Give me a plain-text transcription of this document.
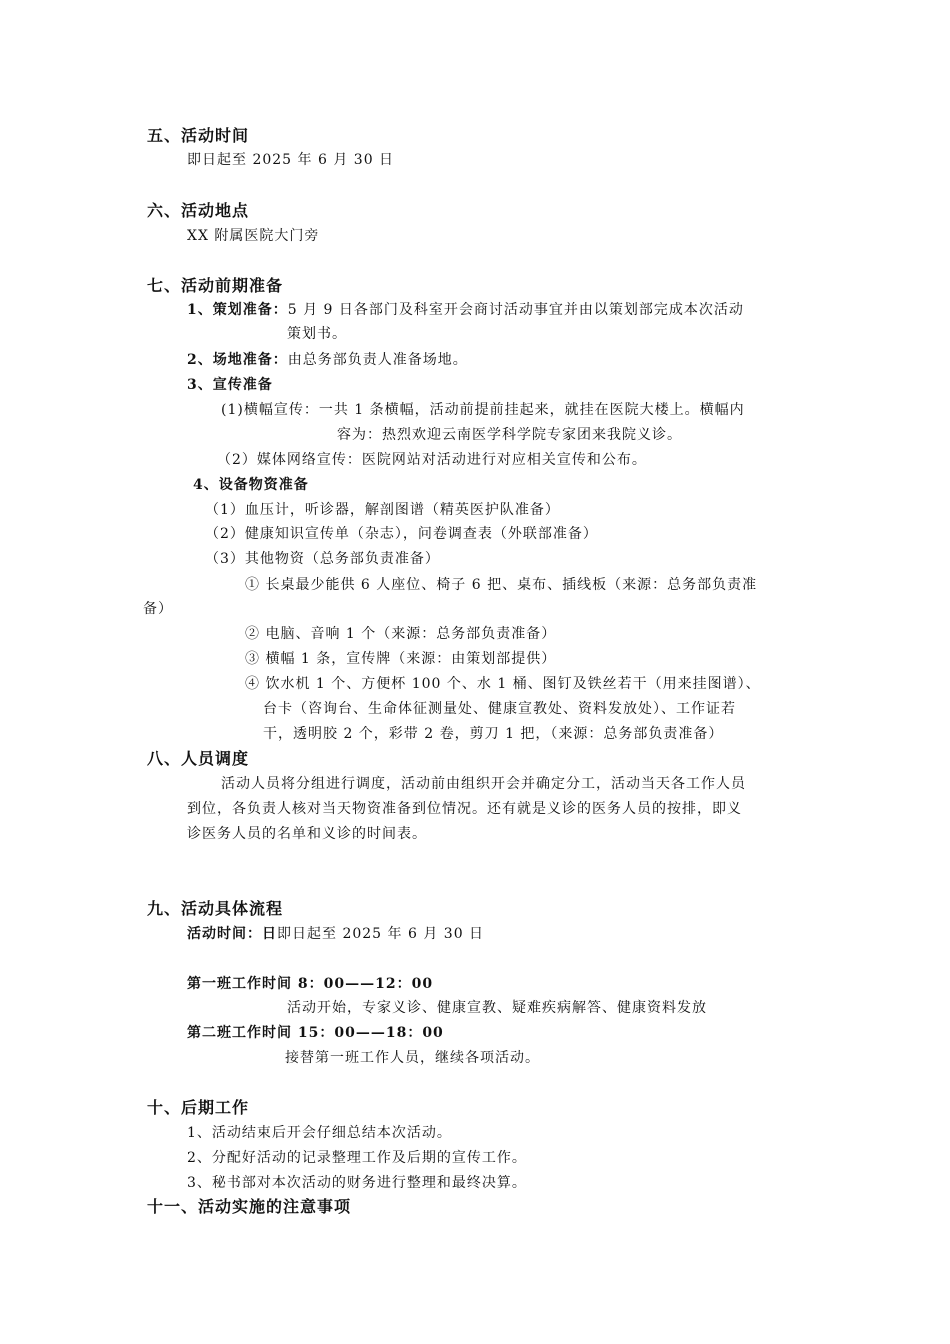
五、活动时间
即日起至 2025 年 6 月 30 日
六、活动地点
XX 附属医院大门旁
七、活动前期准备
1、策划准备：5 月 9 日各部门及科室开会商讨活动事宜并由以策划部完成本次活动
策划书。
2、场地准备：由总务部负责人准备场地。
3、宣传准备
(1)横幅宣传：一共 1 条横幅，活动前提前挂起来，就挂在医院大楼上。横幅内
容为：热烈欢迎云南医学科学院专家团来我院义诊。
（2）媒体网络宣传：医院网站对活动进行对应相关宣传和公布。
4、设备物资准备
（1）血压计，听诊器，解剖图谱（精英医护队准备）
（2）健康知识宣传单（杂志），问卷调查表（外联部准备）
（3）其他物资（总务部负责准备）
① 长桌最少能供 6 人座位、椅子 6 把、桌布、插线板（来源：总务部负责准
备）
② 电脑、音响 1 个（来源：总务部负责准备）
③ 横幅 1 条，宣传牌（来源：由策划部提供）
④ 饮水机 1 个、方便杯 100 个、水 1 桶、图钉及铁丝若干（用来挂图谱）、
台卡（咨询台、生命体征测量处、健康宣教处、资料发放处）、工作证若
干，透明胶 2 个，彩带 2 卷，剪刀 1 把，（来源：总务部负责准备）
八、人员调度
活动人员将分组进行调度，活动前由组织开会并确定分工，活动当天各工作人员
到位，各负责人核对当天物资准备到位情况。还有就是义诊的医务人员的按排，即义
诊医务人员的名单和义诊的时间表。
九、活动具体流程
活动时间：日即日起至 2025 年 6 月 30 日
第一班工作时间 8：00——12：00
活动开始，专家义诊、健康宣教、疑难疾病解答、健康资料发放
第二班工作时间 15：00——18：00
接替第一班工作人员，继续各项活动。
十、后期工作
1、活动结束后开会仔细总结本次活动。
2、分配好活动的记录整理工作及后期的宣传工作。
3、秘书部对本次活动的财务进行整理和最终决算。
十一、活动实施的注意事项
